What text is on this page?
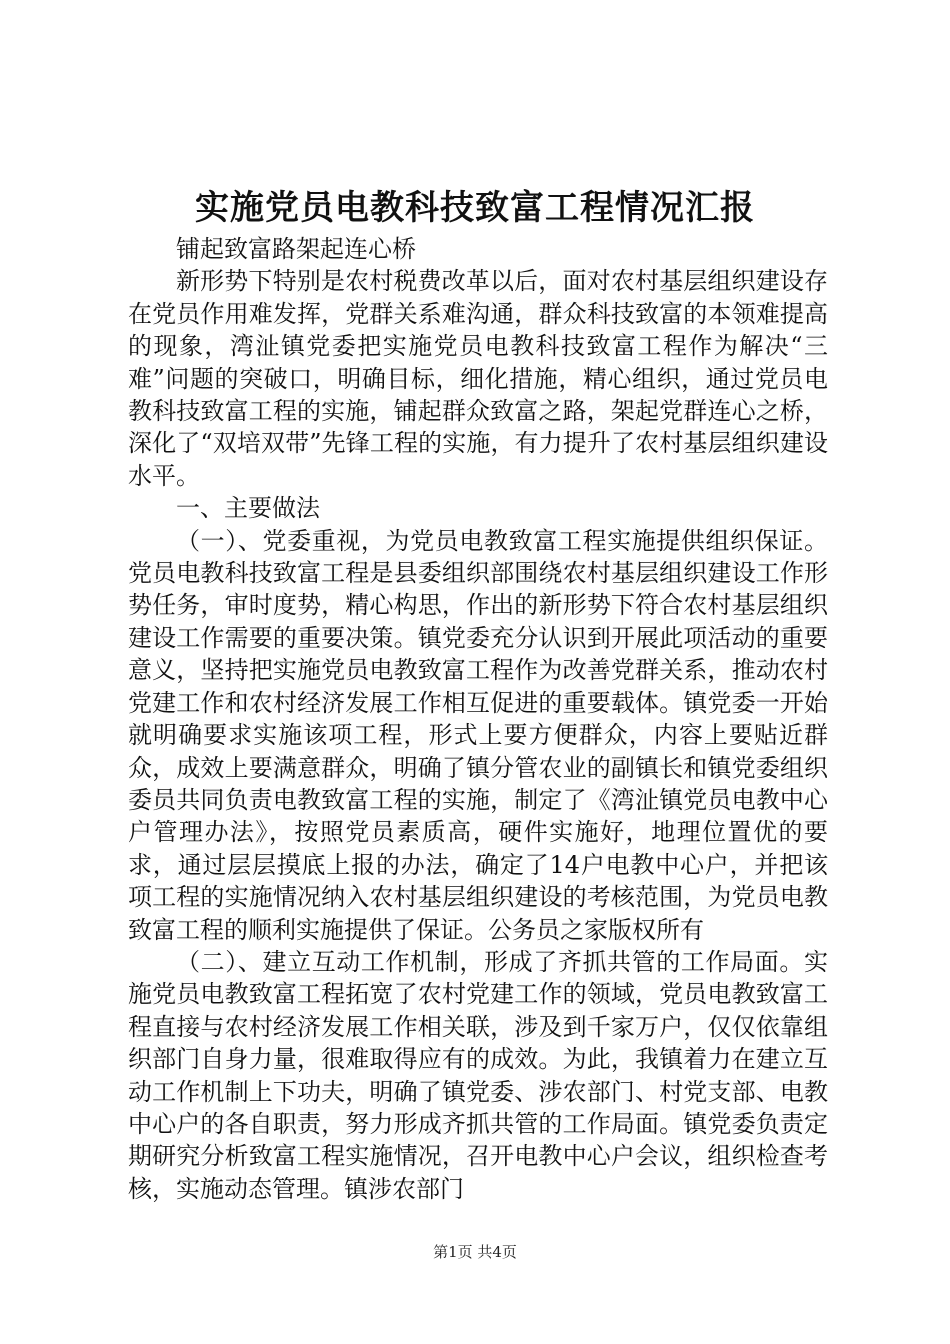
实施党员电教科技致富工程情况汇报

铺起致富路架起连心桥

新形势下特别是农村税费改革以后，面对农村基层组织建设存在党员作用难发挥，党群关系难沟通，群众科技致富的本领难提高的现象，湾沚镇党委把实施党员电教科技致富工程作为解决“三难”问题的突破口，明确目标，细化措施，精心组织，通过党员电教科技致富工程的实施，铺起群众致富之路，架起党群连心之桥，深化了“双培双带”先锋工程的实施，有力提升了农村基层组织建设水平。

一、主要做法

（一）、党委重视，为党员电教致富工程实施提供组织保证。党员电教科技致富工程是县委组织部围绕农村基层组织建设工作形势任务，审时度势，精心构思，作出的新形势下符合农村基层组织建设工作需要的重要决策。镇党委充分认识到开展此项活动的重要意义，坚持把实施党员电教致富工程作为改善党群关系，推动农村党建工作和农村经济发展工作相互促进的重要载体。镇党委一开始就明确要求实施该项工程，形式上要方便群众，内容上要贴近群众，成效上要满意群众，明确了镇分管农业的副镇长和镇党委组织委员共同负责电教致富工程的实施，制定了《湾沚镇党员电教中心户管理办法》，按照党员素质高，硬件实施好，地理位置优的要求，通过层层摸底上报的办法，确定了14户电教中心户，并把该项工程的实施情况纳入农村基层组织建设的考核范围，为党员电教致富工程的顺利实施提供了保证。公务员之家版权所有

（二）、建立互动工作机制，形成了齐抓共管的工作局面。实施党员电教致富工程拓宽了农村党建工作的领域，党员电教致富工程直接与农村经济发展工作相关联，涉及到千家万户，仅仅依靠组织部门自身力量，很难取得应有的成效。为此，我镇着力在建立互动工作机制上下功夫，明确了镇党委、涉农部门、村党支部、电教中心户的各自职责，努力形成齐抓共管的工作局面。镇党委负责定期研究分析致富工程实施情况，召开电教中心户会议，组织检查考核，实施动态管理。镇涉农部门

第1页 共4页
